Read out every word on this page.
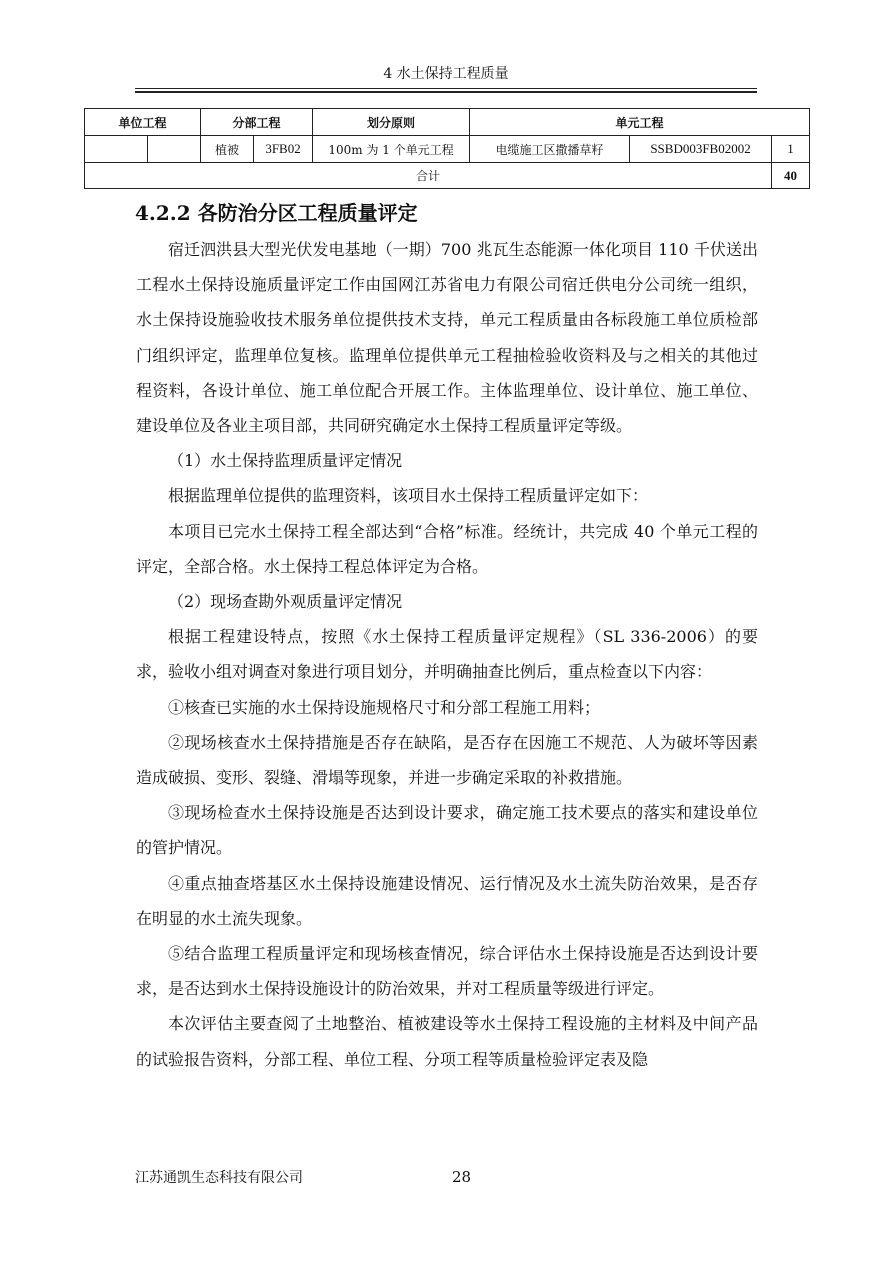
4 水土保持工程质量
单位工程		分部工程		划分原则	单元工程		
		植被	3FB02	100m 为 1 个单元工程	电缆施工区撒播草籽	SSBD003FB02002	1
合计							40
4.2.2 各防治分区工程质量评定

宿迁泗洪县大型光伏发电基地（一期）700 兆瓦生态能源一体化项目 110 千伏送出工程水土保持设施质量评定工作由国网江苏省电力有限公司宿迁供电分公司统一组织，水土保持设施验收技术服务单位提供技术支持，单元工程质量由各标段施工单位质检部门组织评定，监理单位复核。监理单位提供单元工程抽检验收资料及与之相关的其他过程资料，各设计单位、施工单位配合开展工作。主体监理单位、设计单位、施工单位、建设单位及各业主项目部，共同研究确定水土保持工程质量评定等级。

（1）水土保持监理质量评定情况

根据监理单位提供的监理资料，该项目水土保持工程质量评定如下：

本项目已完水土保持工程全部达到“合格”标准。经统计，共完成 40 个单元工程的评定，全部合格。水土保持工程总体评定为合格。

（2）现场查勘外观质量评定情况

根据工程建设特点，按照《水土保持工程质量评定规程》（SL 336-2006）的要求，验收小组对调查对象进行项目划分，并明确抽查比例后，重点检查以下内容：

①核查已实施的水土保持设施规格尺寸和分部工程施工用料；

②现场核查水土保持措施是否存在缺陷，是否存在因施工不规范、人为破坏等因素造成破损、变形、裂缝、滑塌等现象，并进一步确定采取的补救措施。

③现场检查水土保持设施是否达到设计要求，确定施工技术要点的落实和建设单位的管护情况。

④重点抽查塔基区水土保持设施建设情况、运行情况及水土流失防治效果，是否存在明显的水土流失现象。

⑤结合监理工程质量评定和现场核查情况，综合评估水土保持设施是否达到设计要求，是否达到水土保持设施设计的防治效果，并对工程质量等级进行评定。

本次评估主要查阅了土地整治、植被建设等水土保持工程设施的主材料及中间产品的试验报告资料，分部工程、单位工程、分项工程等质量检验评定表及隐

江苏通凯生态科技有限公司	28
